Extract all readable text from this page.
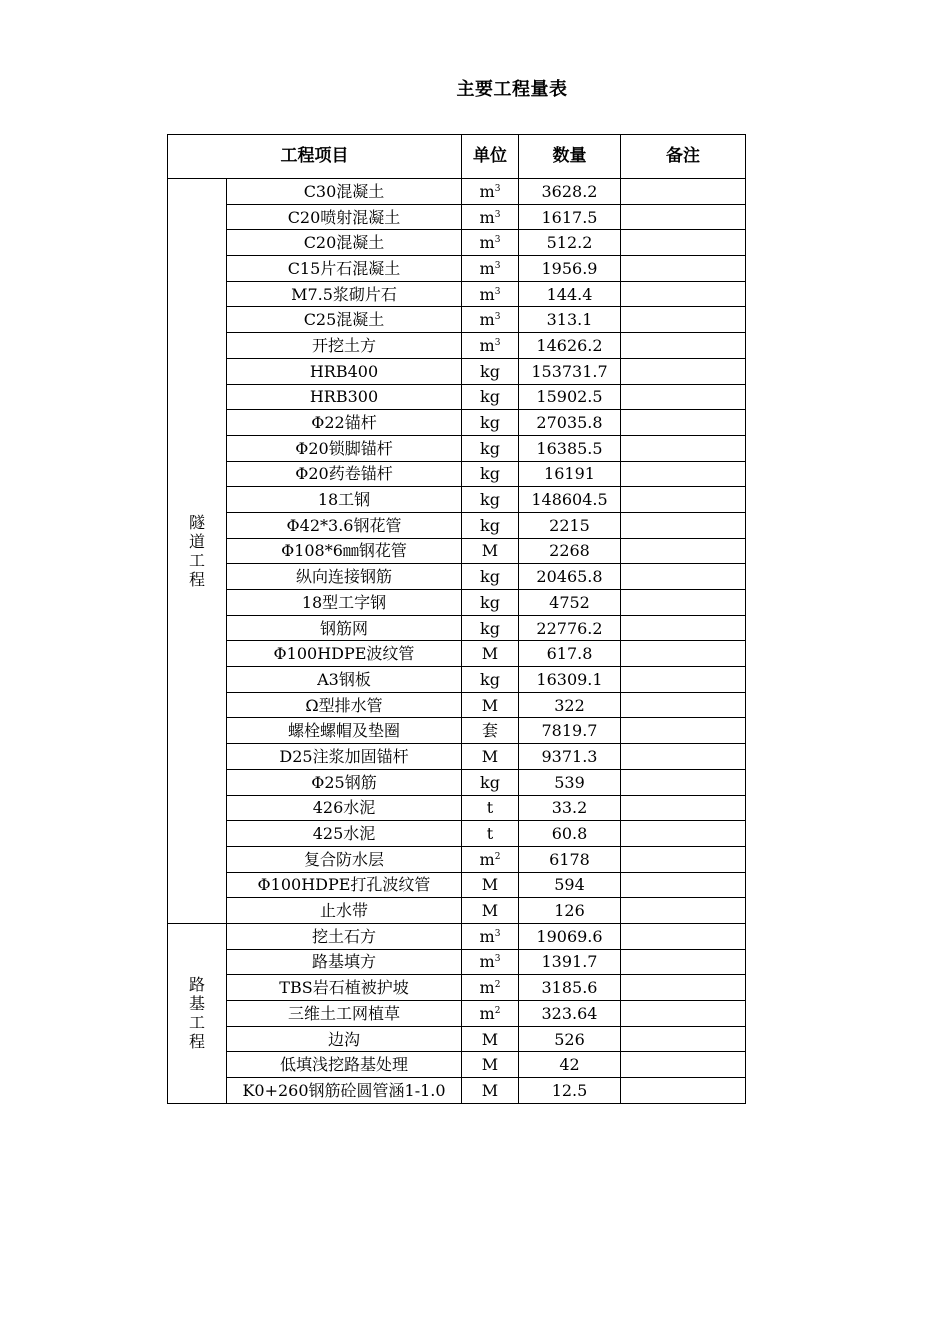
主要工程量表
工程项目		单位	数量	备注
隧
道
工
程	C30混凝土	$m^3$	3628.2	
	C20喷射混凝土	$m^3$	1617.5	
	C20混凝土	$m^3$	512.2	
	C15片石混凝土	$m^3$	1956.9	
	M7.5浆砌片石	$m^3$	144.4	
	C25混凝土	$m^3$	313.1	
	开挖土方	$m^3$	14626.2	
	HRB400	kg	153731.7	
	HRB300	kg	15902.5	
	Φ22锚杆	kg	27035.8	
	Φ20锁脚锚杆	kg	16385.5	
	Φ20药卷锚杆	kg	16191	
	18工钢	kg	148604.5	
	Φ42*3.6钢花管	kg	2215	
	Φ108*6㎜钢花管	M	2268	
	纵向连接钢筋	kg	20465.8	
	18型工字钢	kg	4752	
	钢筋网	kg	22776.2	
	Φ100HDPE波纹管	M	617.8	
	A3钢板	kg	16309.1	
	Ω型排水管	M	322	
	螺栓螺帽及垫圈	套	7819.7	
	D25注浆加固锚杆	M	9371.3	
	Φ25钢筋	kg	539	
	426水泥	t	33.2	
	425水泥	t	60.8	
	复合防水层	$m^2$	6178	
	Φ100HDPE打孔波纹管	M	594	
	止水带	M	126	
路
基
工
程	挖土石方	$m^3$	19069.6	
	路基填方	$m^3$	1391.7	
	TBS岩石植被护坡	$m^2$	3185.6	
	三维土工网植草	$m^2$	323.64	
	边沟	M	526	
	低填浅挖路基处理	M	42	
	K0+260钢筋砼圆管涵1-1.0	M	12.5	
